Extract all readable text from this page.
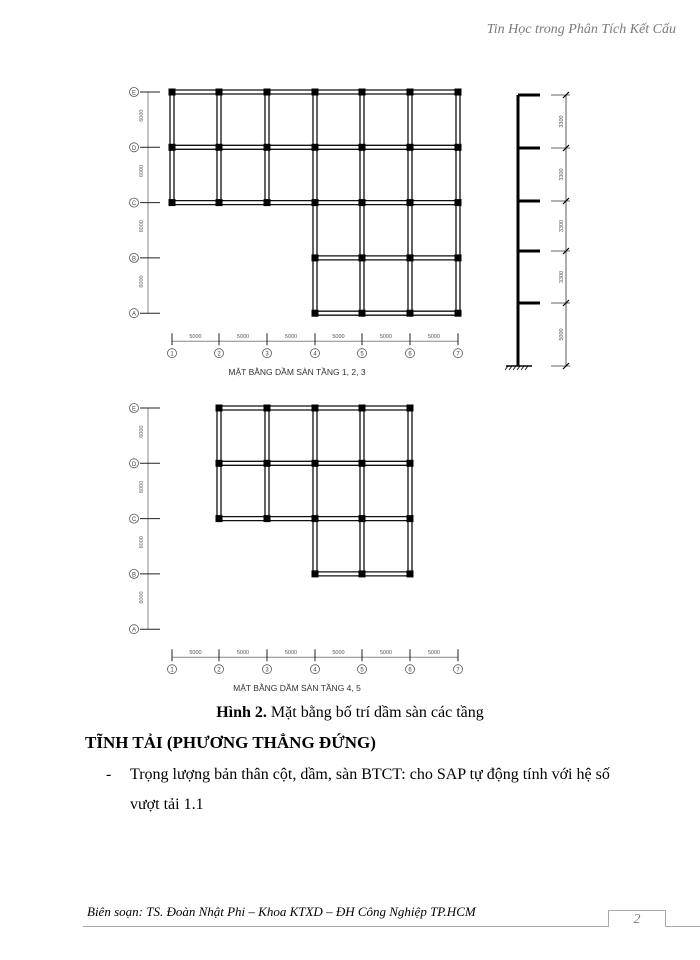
Tin Học trong Phân Tích Kết Cấu
E
6000
D
6000
C
6000
B
6000
A
1
5000
2
5000
3
5000
4
5000
5
5000
6
5000
7
E
6000
D
6000
C
6000
B
6000
A
1
5000
2
5000
3
5000
4
5000
5
5000
6
5000
7
3300
3300
3300
3300
5000
MẶT BẰNG DẦM SÀN TẦNG 1, 2, 3
MẶT BẰNG DẦM SÀN TẦNG 4, 5
Hình 2. Mặt bằng bố trí dầm sàn các tầng
TĨNH TẢI (PHƯƠNG THẲNG ĐỨNG)
- Trọng lượng bản thân cột, dầm, sàn BTCT: cho SAP tự động tính với hệ số vượt tải 1.1
Biên soạn: TS. Đoàn Nhật Phi – Khoa KTXD – ĐH Công Nghiệp TP.HCM
2
